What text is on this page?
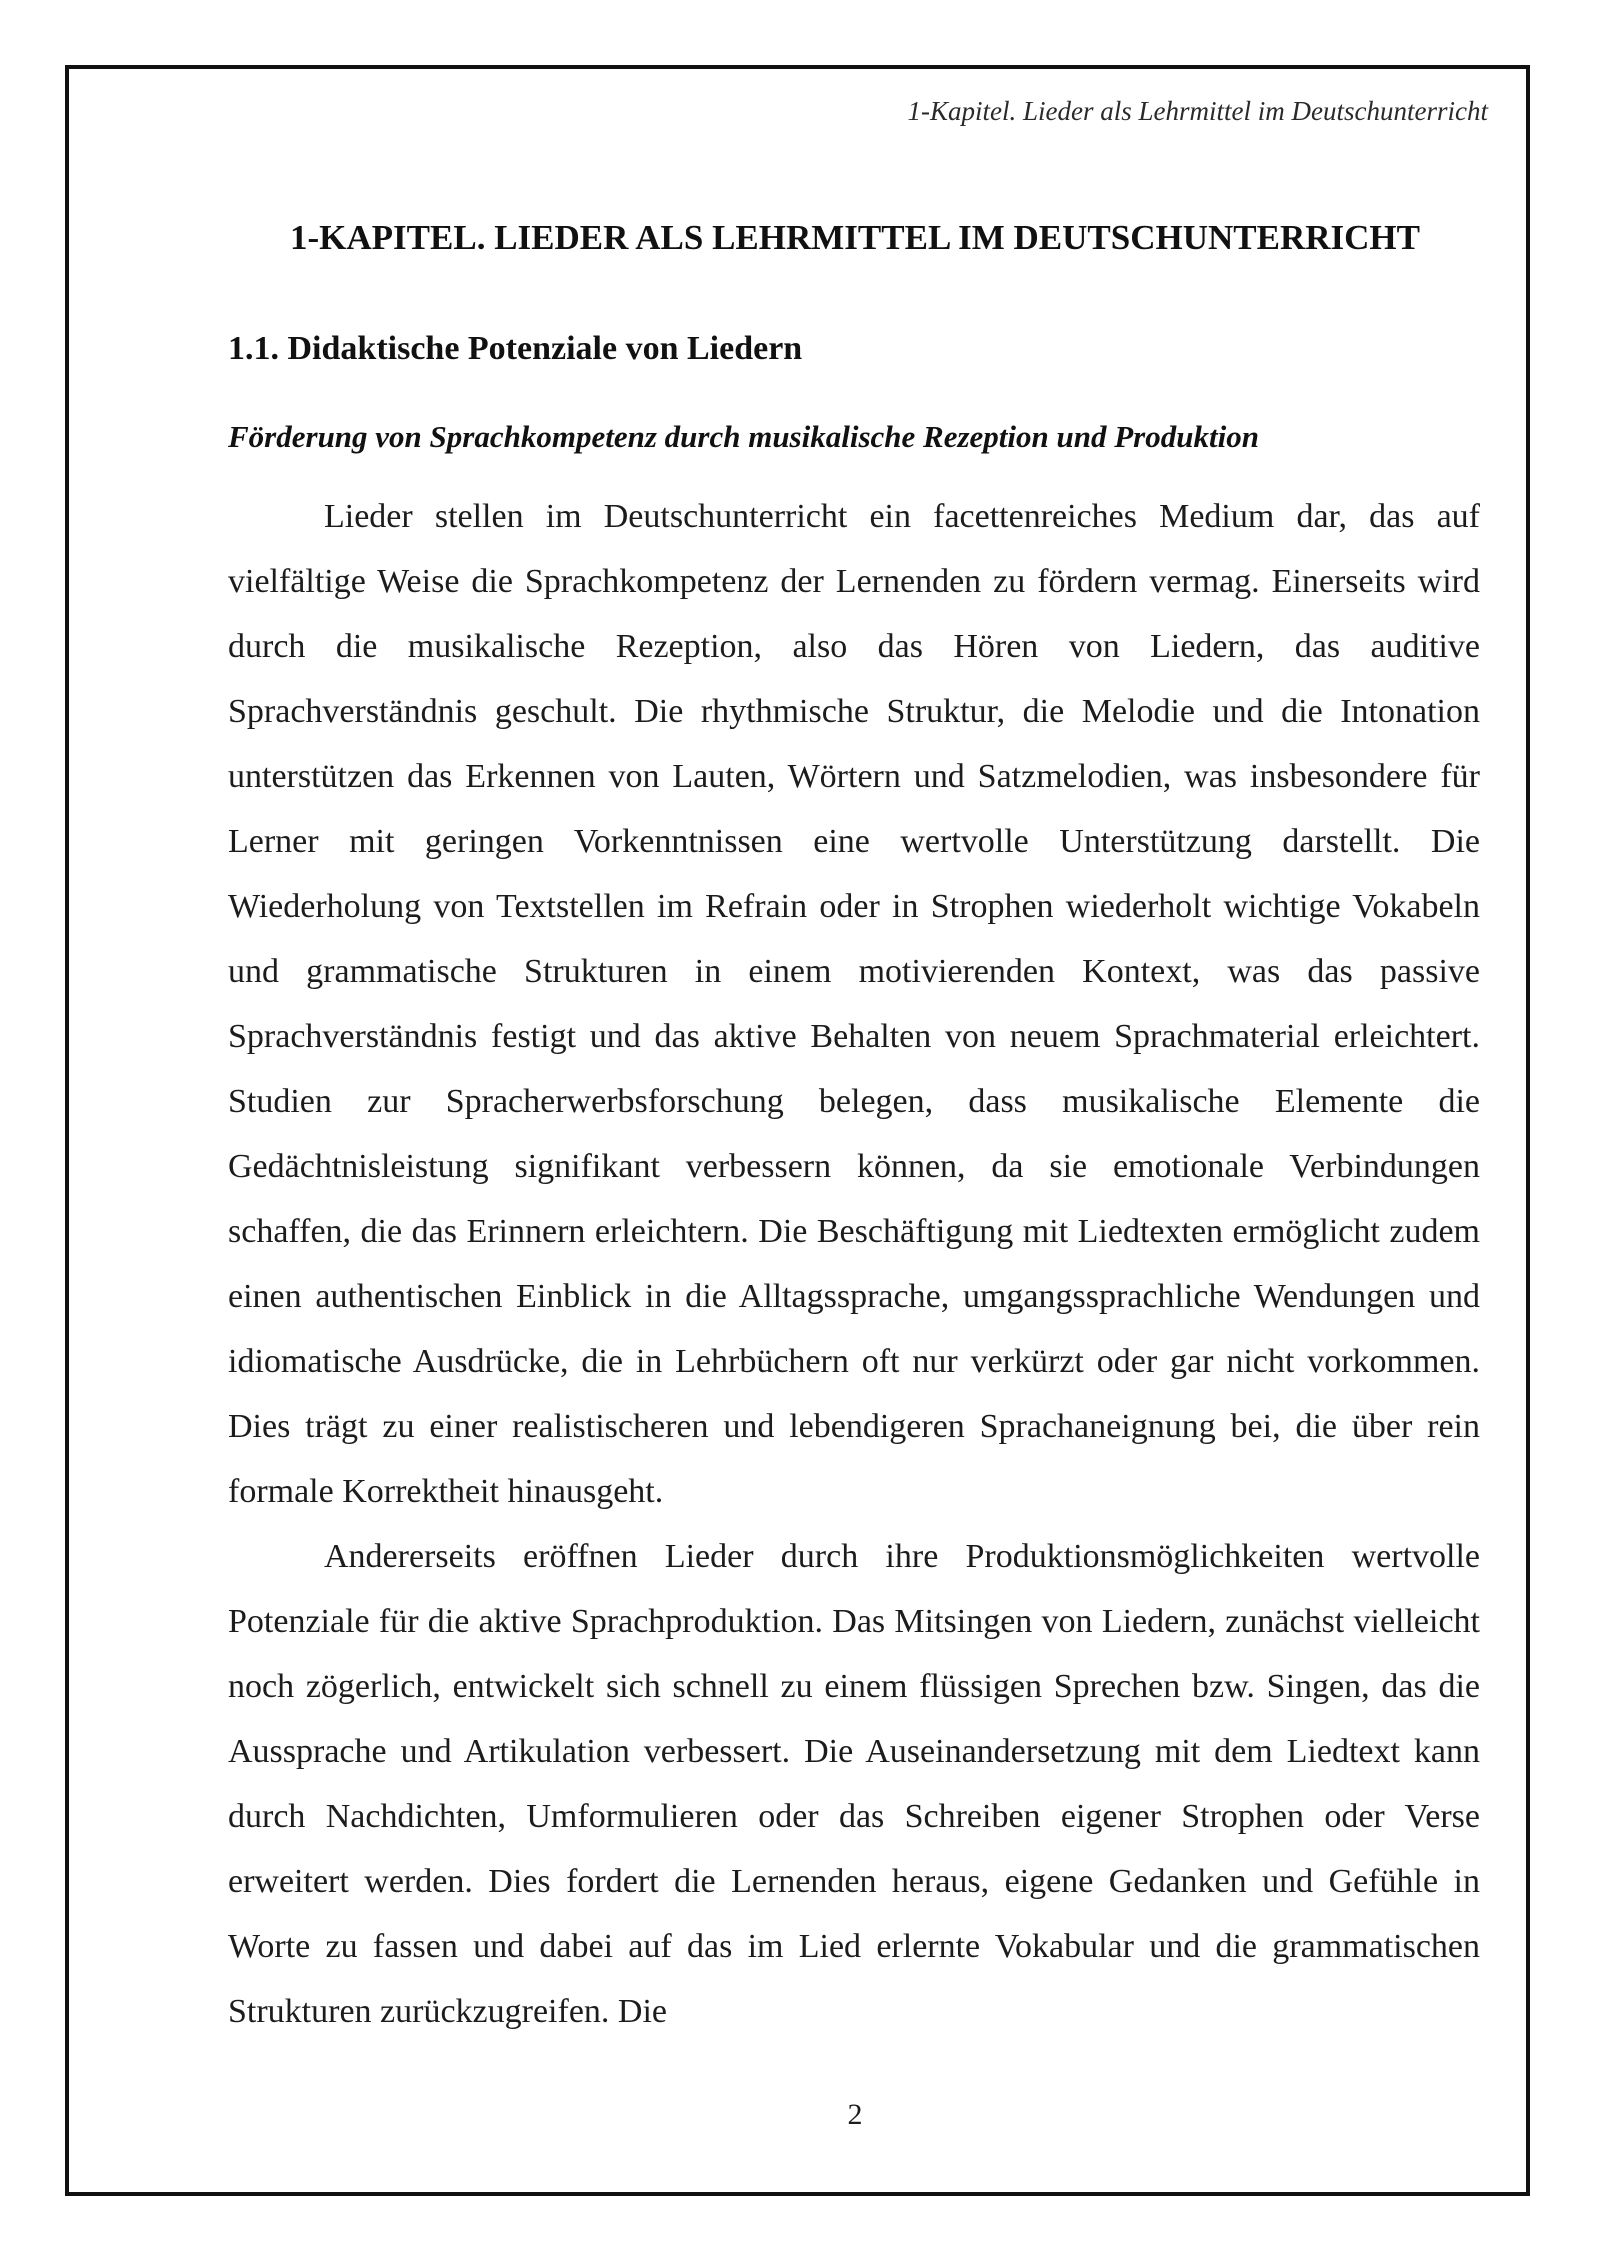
1-Kapitel. Lieder als Lehrmittel im Deutschunterricht
1-KAPITEL. LIEDER ALS LEHRMITTEL IM DEUTSCHUNTERRICHT
1.1. Didaktische Potenziale von Liedern
Förderung von Sprachkompetenz durch musikalische Rezeption und Produktion

Lieder stellen im Deutschunterricht ein facettenreiches Medium dar, das auf vielfältige Weise die Sprachkompetenz der Lernenden zu fördern vermag. Einerseits wird durch die musikalische Rezeption, also das Hören von Liedern, das auditive Sprachverständnis geschult. Die rhythmische Struktur, die Melodie und die Intonation unterstützen das Erkennen von Lauten, Wörtern und Satzmelodien, was insbesondere für Lerner mit geringen Vorkenntnissen eine wertvolle Unterstützung darstellt. Die Wiederholung von Textstellen im Refrain oder in Strophen wiederholt wichtige Vokabeln und grammatische Strukturen in einem motivierenden Kontext, was das passive Sprachverständnis festigt und das aktive Behalten von neuem Sprachmaterial erleichtert. Studien zur Spracherwerbsforschung belegen, dass musikalische Elemente die Gedächtnisleistung signifikant verbessern können, da sie emotionale Verbindungen schaffen, die das Erinnern erleichtern. Die Beschäftigung mit Liedtexten ermöglicht zudem einen authentischen Einblick in die Alltagssprache, umgangssprachliche Wendungen und idiomatische Ausdrücke, die in Lehrbüchern oft nur verkürzt oder gar nicht vorkommen. Dies trägt zu einer realistischeren und lebendigeren Sprachaneignung bei, die über rein formale Korrektheit hinausgeht.

Andererseits eröffnen Lieder durch ihre Produktionsmöglichkeiten wertvolle Potenziale für die aktive Sprachproduktion. Das Mitsingen von Liedern, zunächst vielleicht noch zögerlich, entwickelt sich schnell zu einem flüssigen Sprechen bzw. Singen, das die Aussprache und Artikulation verbessert. Die Auseinandersetzung mit dem Liedtext kann durch Nachdichten, Umformulieren oder das Schreiben eigener Strophen oder Verse erweitert werden. Dies fordert die Lernenden heraus, eigene Gedanken und Gefühle in Worte zu fassen und dabei auf das im Lied erlernte Vokabular und die grammatischen Strukturen zurückzugreifen. Die

2
